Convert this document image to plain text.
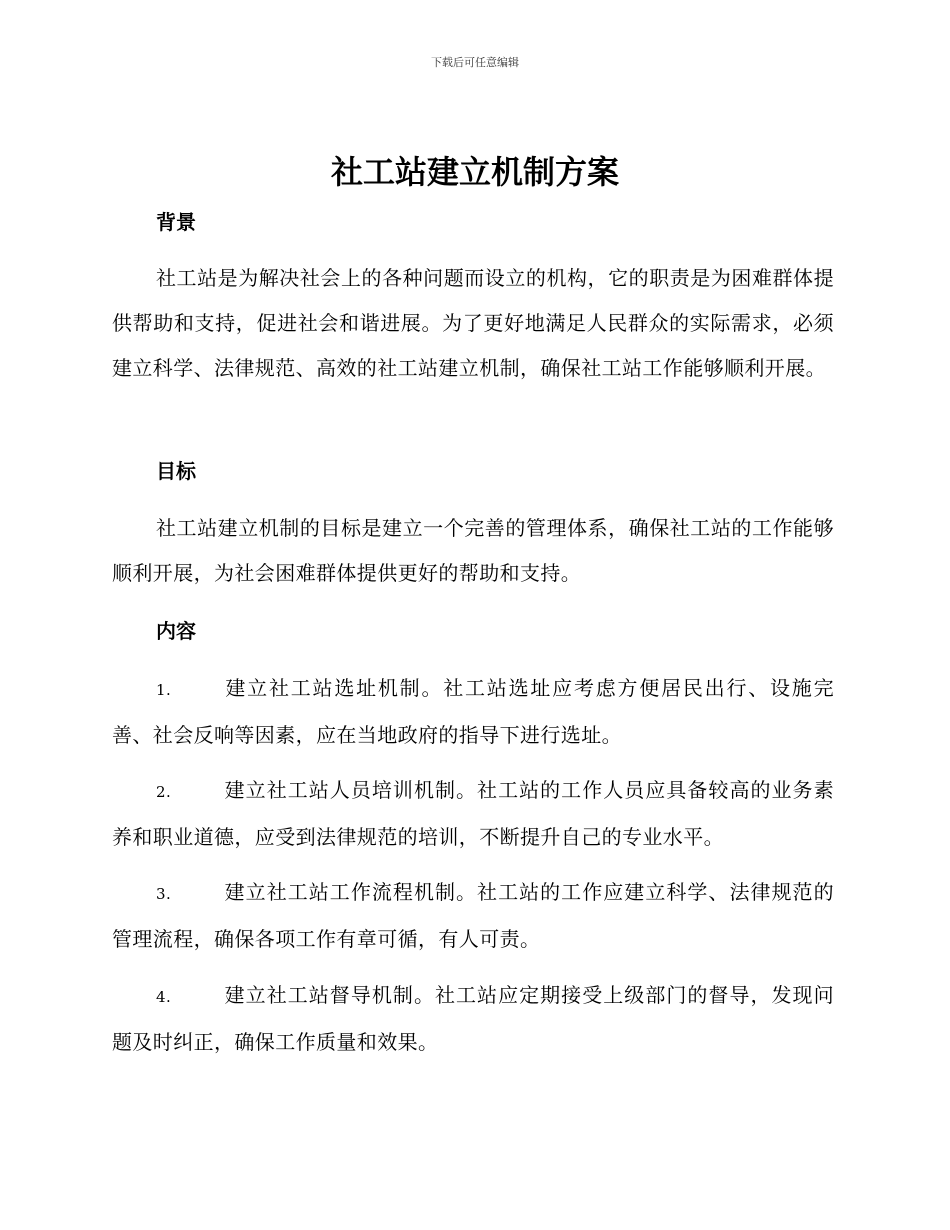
下载后可任意编辑
社工站建立机制方案
背景

社工站是为解决社会上的各种问题而设立的机构，它的职责是为困难群体提供帮助和支持，促进社会和谐进展。为了更好地满足人民群众的实际需求，必须建立科学、法律规范、高效的社工站建立机制，确保社工站工作能够顺利开展。

目标

社工站建立机制的目标是建立一个完善的管理体系，确保社工站的工作能够顺利开展，为社会困难群体提供更好的帮助和支持。

内容

1.	建立社工站选址机制。社工站选址应考虑方便居民出行、设施完善、社会反响等因素，应在当地政府的指导下进行选址。

2.	建立社工站人员培训机制。社工站的工作人员应具备较高的业务素养和职业道德，应受到法律规范的培训，不断提升自己的专业水平。

3.	建立社工站工作流程机制。社工站的工作应建立科学、法律规范的管理流程，确保各项工作有章可循，有人可责。

4.	建立社工站督导机制。社工站应定期接受上级部门的督导，发现问题及时纠正，确保工作质量和效果。
